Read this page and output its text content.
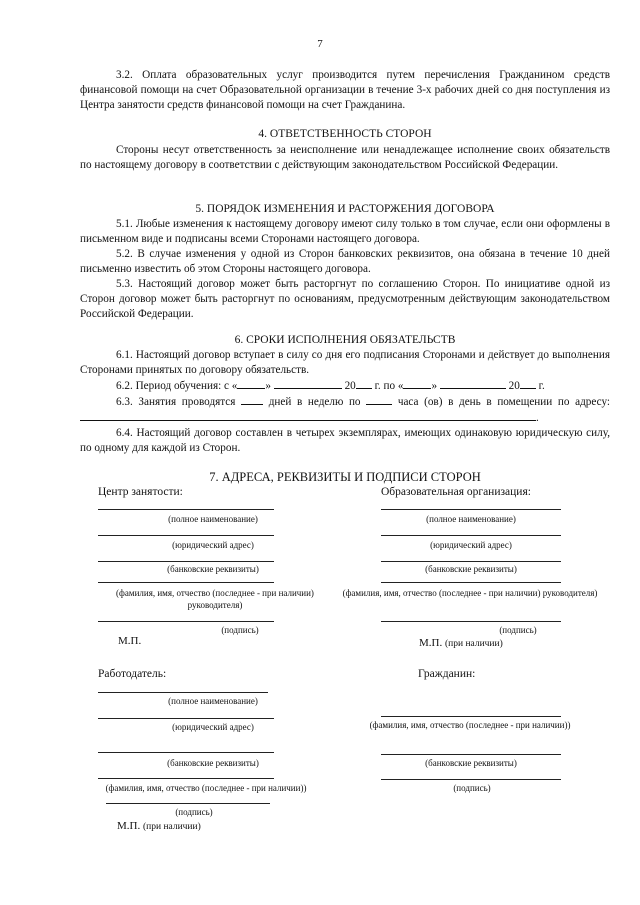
7

3.2. Оплата образовательных услуг производится путем перечисления Гражданином средств финансовой помощи на счет Образовательной организации в течение 3-х рабочих дней со дня поступления из Центра занятости средств финансовой помощи на счет Гражданина.

4. ОТВЕТСТВЕННОСТЬ СТОРОН

Стороны несут ответственность за неисполнение или ненадлежащее исполнение своих обязательств по настоящему договору в соответствии с действующим законодательством Российской Федерации.

5. ПОРЯДОК ИЗМЕНЕНИЯ И РАСТОРЖЕНИЯ ДОГОВОРА

5.1. Любые изменения к настоящему договору имеют силу только в том случае, если они оформлены в письменном виде и подписаны всеми Сторонами настоящего договора.

5.2. В случае изменения у одной из Сторон банковских реквизитов, она обязана в течение 10 дней письменно известить об этом Стороны настоящего договора.

5.3. Настоящий договор может быть расторгнут по соглашению Сторон. По инициативе одной из Сторон договор может быть расторгнут по основаниям, предусмотренным действующим законодательством Российской Федерации.

6. СРОКИ ИСПОЛНЕНИЯ ОБЯЗАТЕЛЬСТВ

6.1. Настоящий договор вступает в силу со дня его подписания Сторонами и действует до выполнения Сторонами принятых по договору обязательств.

6.2. Период обучения: с «	»	20 г. по «	»	20 г.

6.3. Занятия проводятся	дней в неделю по	часа (ов) в день в помещении по адресу:.

6.4. Настоящий договор составлен в четырех экземплярах, имеющих одинаковую юридическую силу, по одному для каждой из Сторон.

7. АДРЕСА, РЕКВИЗИТЫ И ПОДПИСИ СТОРОН
Центр занятости:
(полное наименование)
(юридический адрес)
(банковские реквизиты)
(фамилия, имя, отчество (последнее - при наличии) руководителя)
(подпись)
М.П.
Образовательная организация:
(полное наименование)
(юридический адрес)
(банковские реквизиты)
(фамилия, имя, отчество (последнее - при наличии) руководителя)
(подпись)
М.П. (при наличии)
Работодатель:
(полное наименование)
(юридический адрес)
(банковские реквизиты)
(фамилия, имя, отчество (последнее - при наличии))
(подпись)
М.П. (при наличии)
Гражданин:
(фамилия, имя, отчество (последнее - при наличии))
(банковские реквизиты)
(подпись)
